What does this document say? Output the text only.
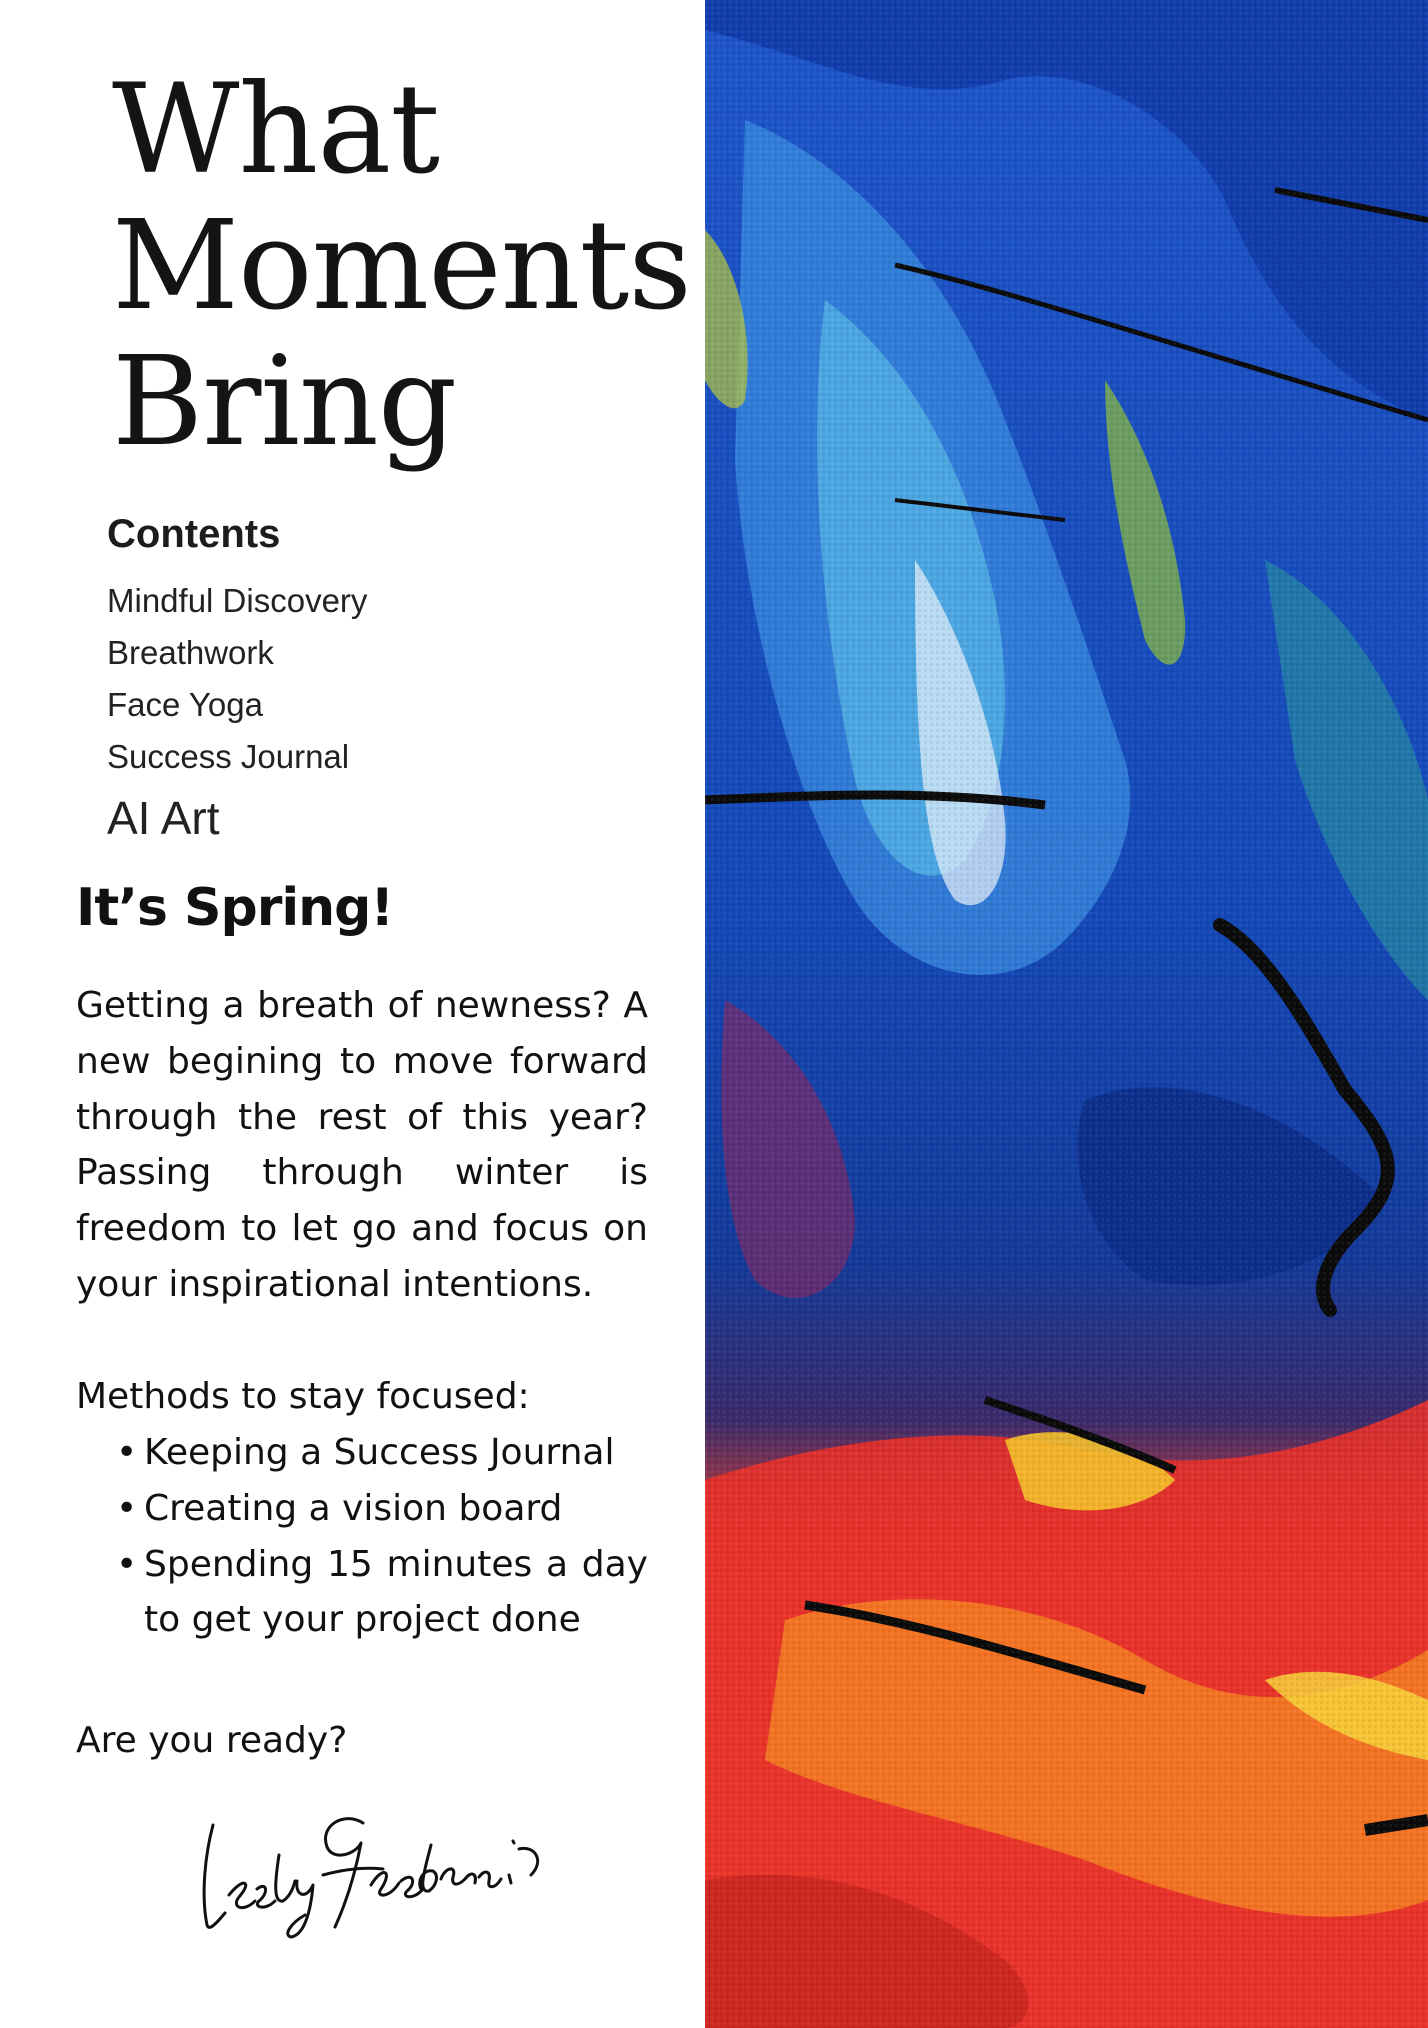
What
Moments
Bring
Contents
Mindful Discovery
Breathwork
Face Yoga
Success Journal
AI Art
It’s Spring!

Getting a breath of newness? A new begining to move forward through the rest of this year? Passing through winter is freedom to let go and focus on your inspirational intentions.

Methods to stay focused:

• Keeping a Success Journal
• Creating a vision board
• Spending 15 minutes a day to get your project done

Are you ready?
